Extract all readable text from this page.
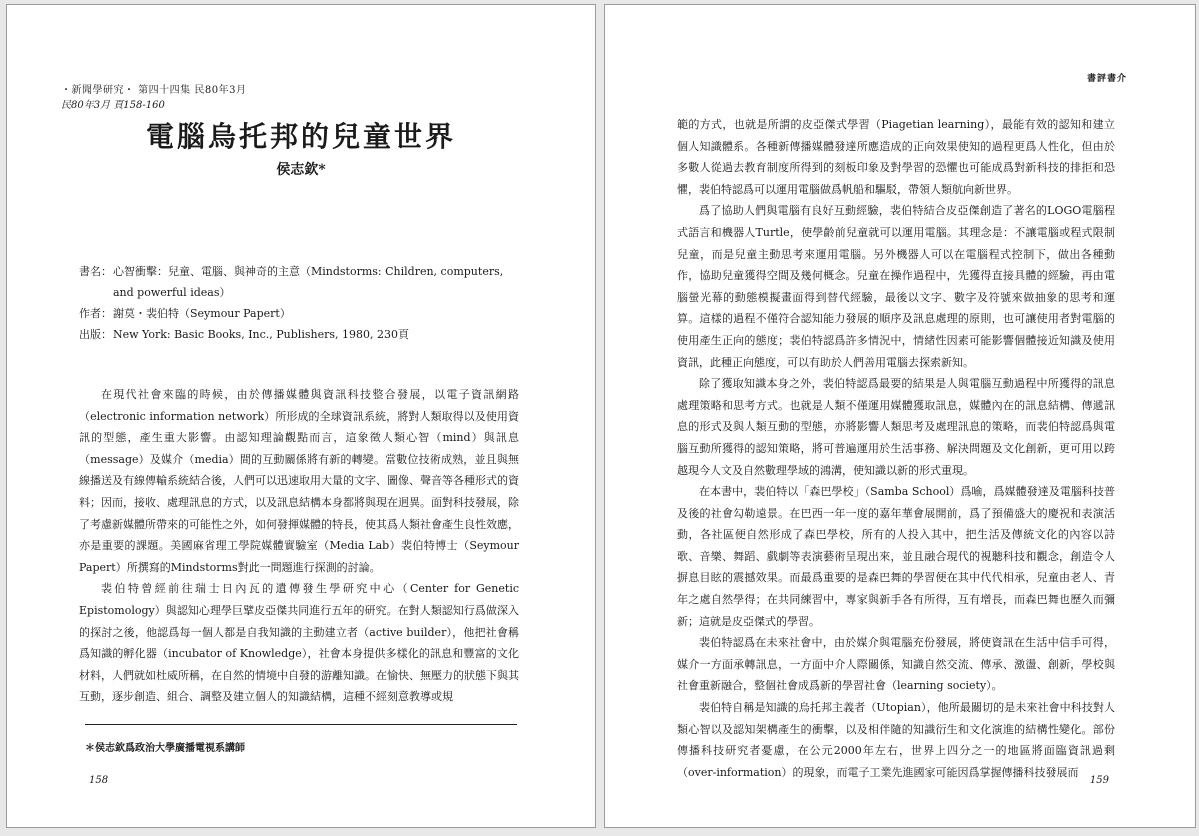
・新聞學研究・ 第四十四集 民80年3月
民80年3月 頁158-160
電腦烏托邦的兒童世界
侯志欽*
書名： 心智衝擊：兒童、電腦、與神奇的主意（Mindstorms: Children, computers,
and powerful ideas）
作者： 謝莫・裴伯特（Seymour Papert）
出版： New York: Basic Books, Inc., Publishers, 1980, 230頁

在現代社會來臨的時候，由於傳播媒體與資訊科技整合發展，以電子資訊網路（electronic information network）所形成的全球資訊系統，將對人類取得以及使用資訊的型態，產生重大影響。由認知理論觀點而言，這象徵人類心智（mind）與訊息（message）及媒介（media）間的互動關係將有新的轉變。當數位技術成熟，並且與無線播送及有線傳輸系統結合後，人們可以迅速取用大量的文字、圖像、聲音等各種形式的資料；因而，接收、處理訊息的方式，以及訊息結構本身都將與現在迥異。面對科技發展，除了考慮新媒體所帶來的可能性之外，如何發揮媒體的特長，使其爲人類社會產生良性效應，亦是重要的課題。美國麻省理工學院媒體實驗室（Media Lab）裴伯特博士（Seymour Papert）所撰寫的Mindstorms對此一問題進行探測的討論。

裴伯特曾經前往瑞士日內瓦的遺傳發生學研究中心（Center for Genetic Epistomology）與認知心理學巨擘皮亞傑共同進行五年的研究。在對人類認知行爲做深入的探討之後，他認爲每一個人都是自我知識的主動建立者（active builder），他把社會稱爲知識的孵化器（incubator of Knowledge），社會本身提供多樣化的訊息和豐富的文化材料，人們就如杜威所稱，在自然的情境中自發的游離知識。在愉快、無壓力的狀態下與其互動，逐步創造、組合、調整及建立個人的知識結構，這種不經刻意教導或規

＊侯志欽爲政治大學廣播電視系講師
158
書評書介

範的方式，也就是所謂的皮亞傑式學習（Piagetian learning），最能有效的認知和建立個人知識體系。各種新傳播媒體發達所應造成的正向效果使知的過程更爲人性化，但由於多數人從過去教育制度所得到的刻板印象及對學習的恐懼也可能成爲對新科技的排拒和恐懼，裴伯特認爲可以運用電腦做爲帆船和驅駁，帶領人類航向新世界。

爲了協助人們與電腦有良好互動經驗，裴伯特結合皮亞傑創造了著名的LOGO電腦程式語言和機器人Turtle，使學齡前兒童就可以運用電腦。其理念是：不讓電腦或程式限制兒童，而是兒童主動思考來運用電腦。另外機器人可以在電腦程式控制下，做出各種動作，協助兒童獲得空間及幾何概念。兒童在操作過程中，先獲得直接具體的經驗，再由電腦螢光幕的動態模擬畫面得到替代經驗，最後以文字、數字及符號來做抽象的思考和運算。這樣的過程不僅符合認知能力發展的順序及訊息處理的原則，也可讓使用者對電腦的使用產生正向的態度；裴伯特認爲許多情況中，情緒性因素可能影響個體接近知識及使用資訊，此種正向態度，可以有助於人們善用電腦去探索新知。

除了獲取知識本身之外，裴伯特認爲最要的結果是人與電腦互動過程中所獲得的訊息處理策略和思考方式。也就是人類不僅運用媒體獲取訊息，媒體內在的訊息結構、傳遞訊息的形式及與人類互動的型態，亦將影響人類思考及處理訊息的策略，而裴伯特認爲與電腦互動所獲得的認知策略，將可普遍運用於生活事務、解決問題及文化創新，更可用以跨越現今人文及自然數理學域的鴻溝，使知識以新的形式重現。

在本書中，裴伯特以「森巴學校」（Samba School）爲喻，爲媒體發達及電腦科技普及後的社會勾勒遠景。在巴西一年一度的嘉年華會展開前，爲了預備盛大的慶祝和表演活動，各社區便自然形成了森巴學校，所有的人投入其中，把生活及傳統文化的內容以詩歌、音樂、舞蹈、戲劇等表演藝術呈現出來，並且融合現代的視聽科技和觀念，創造令人摒息目眩的震撼效果。而最爲重要的是森巴舞的學習便在其中代代相承，兒童由老人、青年之處自然學得；在共同練習中，專家與新手各有所得，互有增長，而森巴舞也歷久而彌新；這就是皮亞傑式的學習。

裴伯特認爲在未來社會中，由於媒介與電腦充份發展，將使資訊在生活中信手可得，媒介一方面承轉訊息，一方面中介人際關係，知識自然交流、傳承、激盪、創新，學校與社會重新融合，整個社會成爲新的學習社會（learning society）。

裴伯特自稱是知識的烏托邦主義者（Utopian），他所最關切的是未來社會中科技對人類心智以及認知架構產生的衝擊，以及相伴隨的知識衍生和文化演進的結構性變化。部份傳播科技研究者憂慮，在公元2000年左右，世界上四分之一的地區將面臨資訊過剩（over-information）的現象，而電子工業先進國家可能因爲掌握傳播科技發展而

159
